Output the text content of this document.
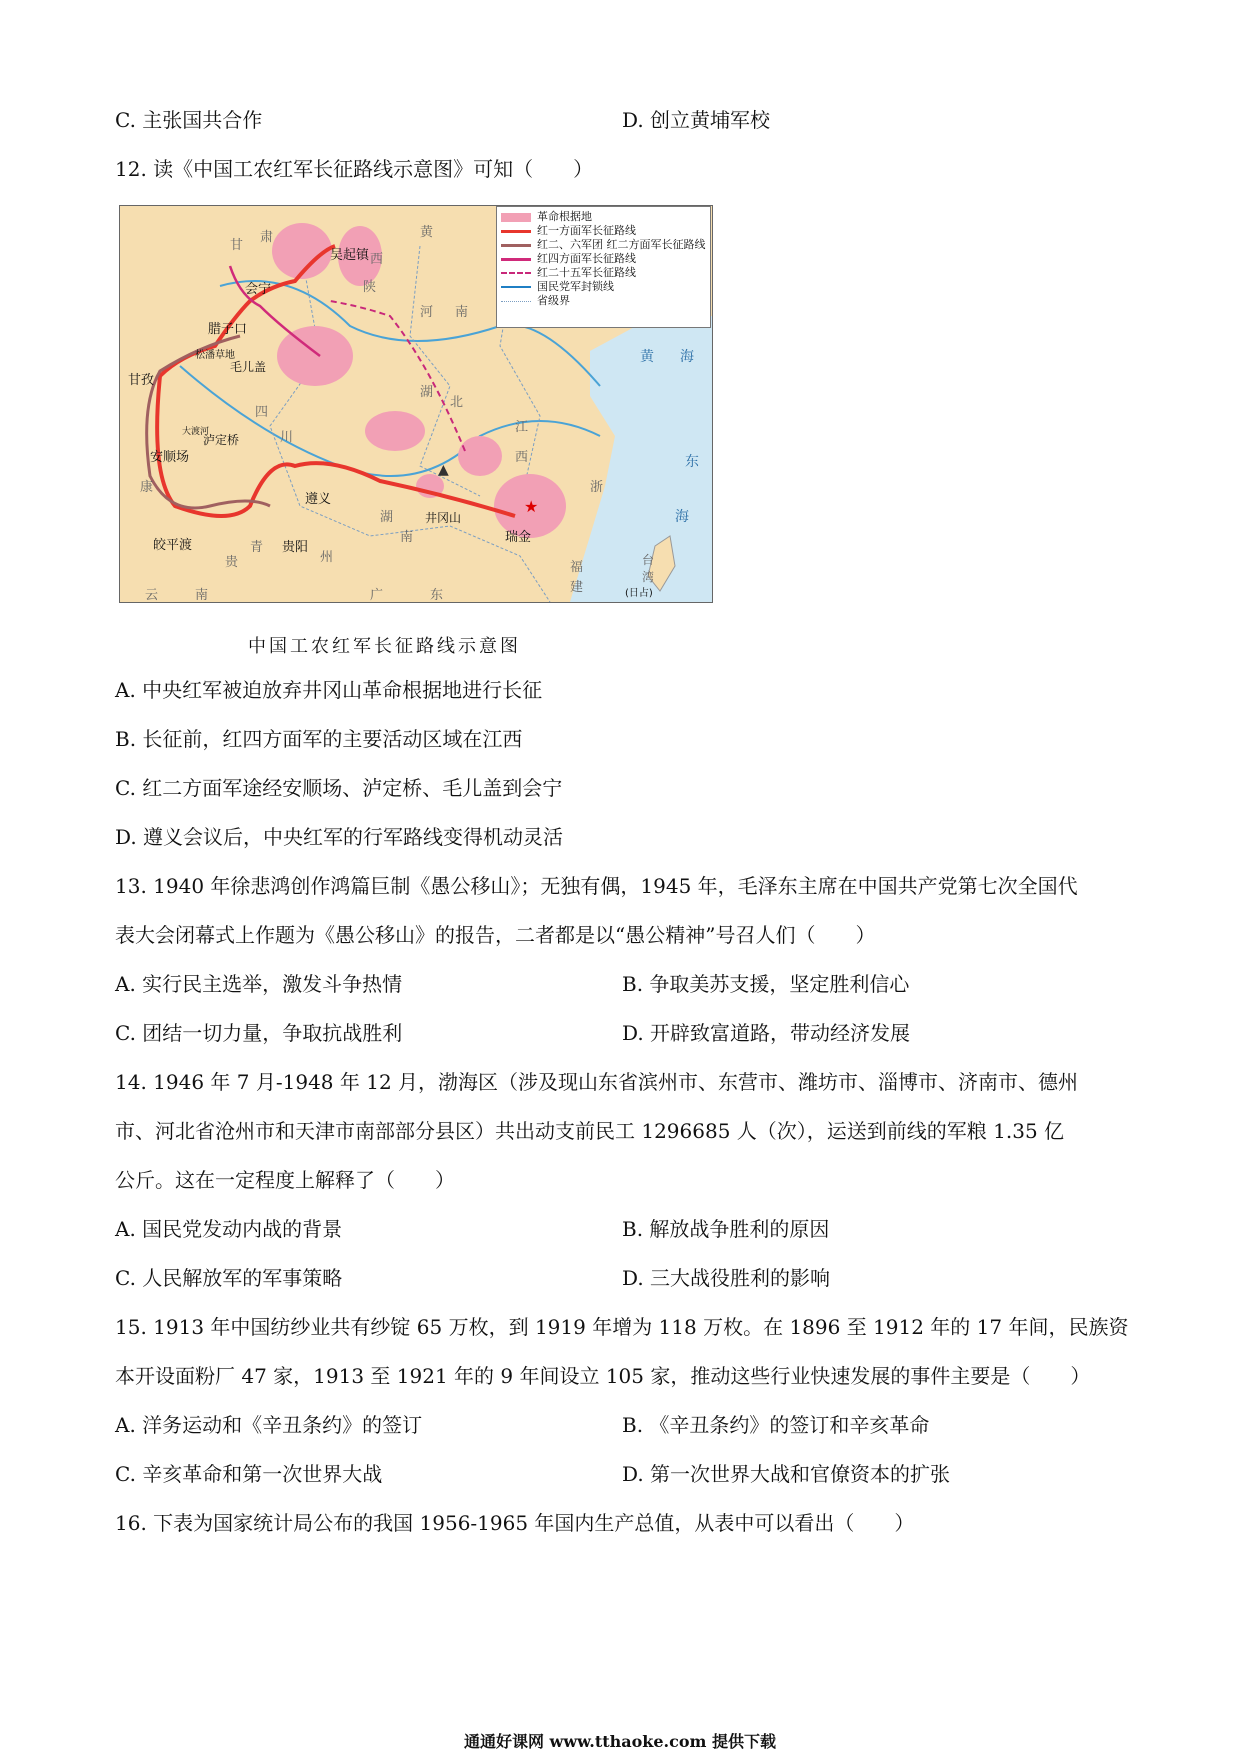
C. 主张国共合作	D. 创立黄埔军校
12. 读《中国工农红军长征路线示意图》可知（　　）
★
▲
革命根据地
红一方面军长征路线
红二、六军团 红二方面军长征路线
红四方面军长征路线
红二十五军长征路线
国民党军封锁线
省级界
吴起镇
会宁
腊子口
松潘草地
毛儿盖
甘孜
大渡河
泸定桥
安顺场
遵义
贵阳
皎平渡
井冈山
瑞金
(日占)
甘
肃
陕
西
黄
河 南
湖
北
四
川
江
西
贵	州
湖
南
福
建
广	东
云	南
康
青
黄 海
东
海
台
湾
浙
中国工农红军长征路线示意图
A. 中央红军被迫放弃井冈山革命根据地进行长征
B. 长征前，红四方面军的主要活动区域在江西
C. 红二方面军途经安顺场、泸定桥、毛儿盖到会宁
D. 遵义会议后，中央红军的行军路线变得机动灵活
13. 1940 年徐悲鸿创作鸿篇巨制《愚公移山》；无独有偶，1945 年，毛泽东主席在中国共产党第七次全国代
表大会闭幕式上作题为《愚公移山》的报告，二者都是以“愚公精神”号召人们（　　）
A. 实行民主选举，激发斗争热情	B. 争取美苏支援，坚定胜利信心
C. 团结一切力量，争取抗战胜利	D. 开辟致富道路，带动经济发展
14. 1946 年 7 月-1948 年 12 月，渤海区（涉及现山东省滨州市、东营市、潍坊市、淄博市、济南市、德州
市、河北省沧州市和天津市南部部分县区）共出动支前民工 1296685 人（次），运送到前线的军粮 1.35 亿
公斤。这在一定程度上解释了（　　）
A. 国民党发动内战的背景	B. 解放战争胜利的原因
C. 人民解放军的军事策略	D. 三大战役胜利的影响
15. 1913 年中国纺纱业共有纱锭 65 万枚，到 1919 年增为 118 万枚。在 1896 至 1912 年的 17 年间，民族资
本开设面粉厂 47 家，1913 至 1921 年的 9 年间设立 105 家，推动这些行业快速发展的事件主要是（　　）
A. 洋务运动和《辛丑条约》的签订	B. 《辛丑条约》的签订和辛亥革命
C. 辛亥革命和第一次世界大战	D. 第一次世界大战和官僚资本的扩张
16. 下表为国家统计局公布的我国 1956-1965 年国内生产总值，从表中可以看出（　　）
通通好课网 www.tthaoke.com 提供下载
